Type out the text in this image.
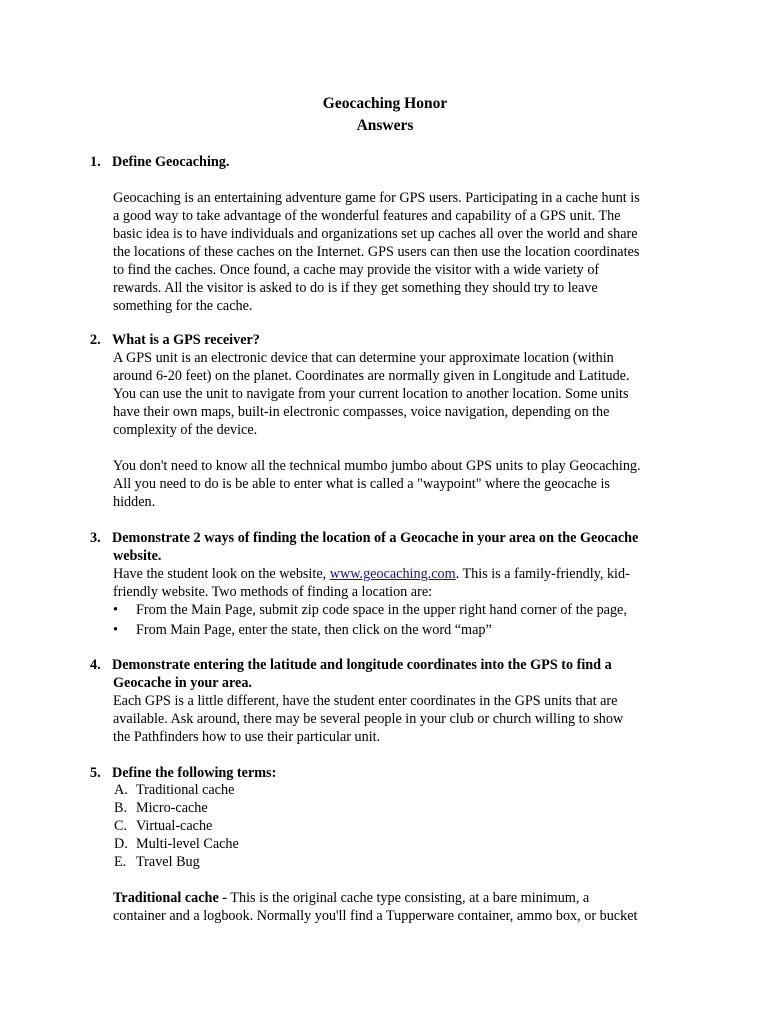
Geocaching Honor
Answers
1. Define Geocaching.

Geocaching is an entertaining adventure game for GPS users. Participating in a cache hunt is

a good way to take advantage of the wonderful features and capability of a GPS unit. The

basic idea is to have individuals and organizations set up caches all over the world and share

the locations of these caches on the Internet. GPS users can then use the location coordinates

to find the caches. Once found, a cache may provide the visitor with a wide variety of

rewards. All the visitor is asked to do is if they get something they should try to leave

something for the cache.

2. What is a GPS receiver?

A GPS unit is an electronic device that can determine your approximate location (within

around 6-20 feet) on the planet. Coordinates are normally given in Longitude and Latitude.

You can use the unit to navigate from your current location to another location. Some units

have their own maps, built-in electronic compasses, voice navigation, depending on the

complexity of the device.

You don't need to know all the technical mumbo jumbo about GPS units to play Geocaching.

All you need to do is be able to enter what is called a "waypoint" where the geocache is

hidden.

3. Demonstrate 2 ways of finding the location of a Geocache in your area on the Geocache
website.

Have the student look on the website, www.geocaching.com. This is a family-friendly, kid-

friendly website. Two methods of finding a location are:

• From the Main Page, submit zip code space in the upper right hand corner of the page,
• From Main Page, enter the state, then click on the word “map”
4. Demonstrate entering the latitude and longitude coordinates into the GPS to find a
Geocache in your area.

Each GPS is a little different, have the student enter coordinates in the GPS units that are

available. Ask around, there may be several people in your club or church willing to show

the Pathfinders how to use their particular unit.

5. Define the following terms:
A. Traditional cache
B. Micro-cache
C. Virtual-cache
D. Multi-level Cache
E. Travel Bug

Traditional cache - This is the original cache type consisting, at a bare minimum, a

container and a logbook. Normally you'll find a Tupperware container, ammo box, or bucket
